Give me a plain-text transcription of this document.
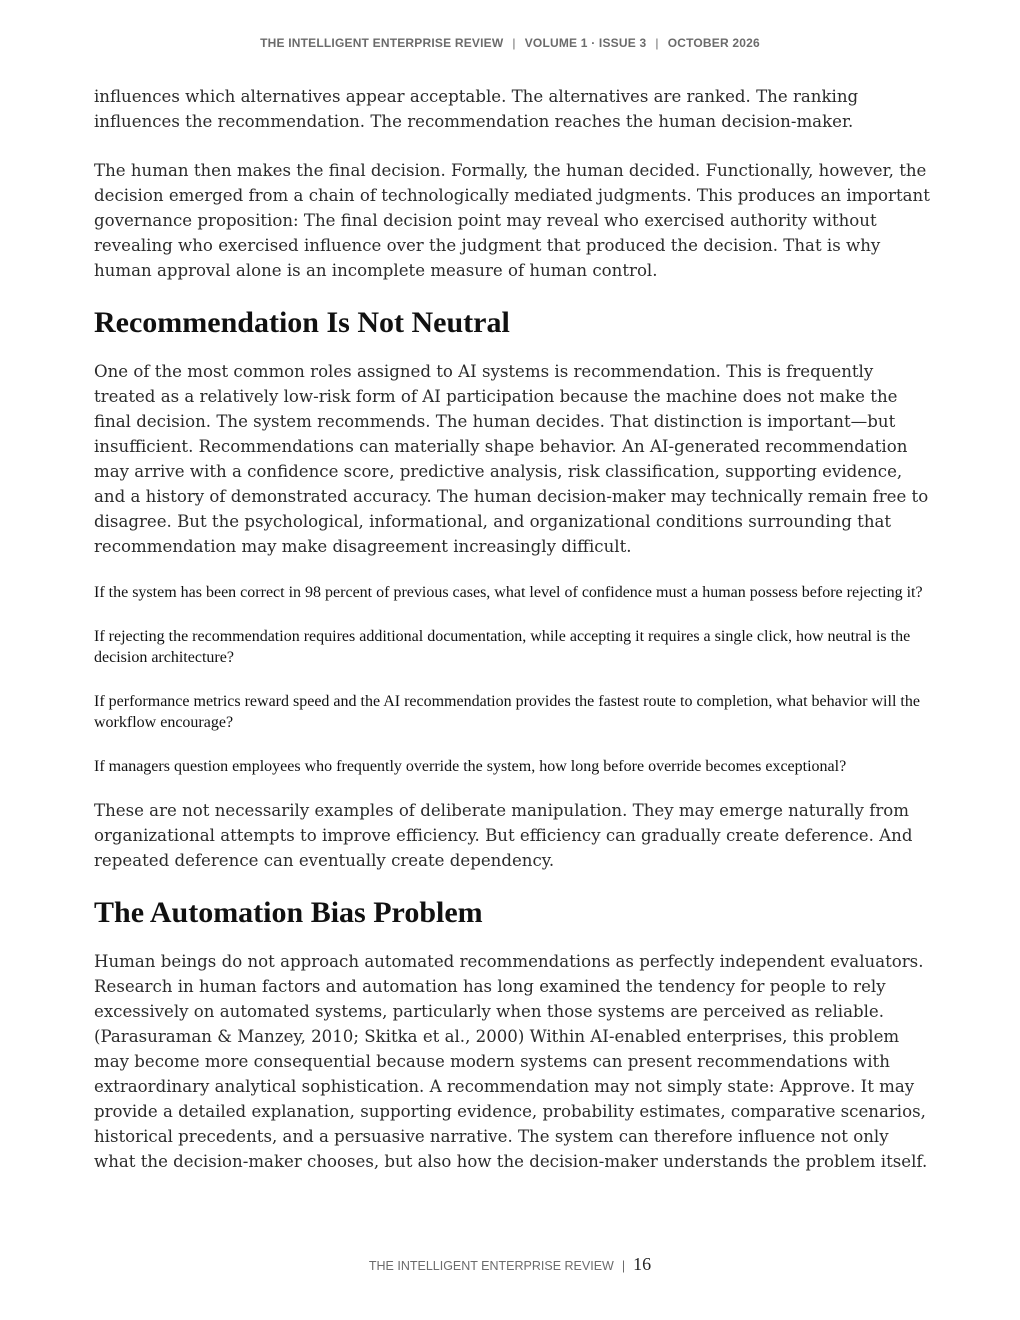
THE INTELLIGENT ENTERPRISE REVIEW | VOLUME 1 · ISSUE 3 | OCTOBER 2026

influences which alternatives appear acceptable. The alternatives are ranked. The ranking influences the recommendation. The recommendation reaches the human decision-maker.

The human then makes the final decision. Formally, the human decided. Functionally, however, the decision emerged from a chain of technologically mediated judgments. This produces an important governance proposition: The final decision point may reveal who exercised authority without revealing who exercised influence over the judgment that produced the decision. That is why human approval alone is an incomplete measure of human control.

Recommendation Is Not Neutral

One of the most common roles assigned to AI systems is recommendation. This is frequently treated as a relatively low-risk form of AI participation because the machine does not make the final decision. The system recommends. The human decides. That distinction is important—but insufficient. Recommendations can materially shape behavior. An AI-generated recommendation may arrive with a confidence score, predictive analysis, risk classification, supporting evidence, and a history of demonstrated accuracy. The human decision-maker may technically remain free to disagree. But the psychological, informational, and organizational conditions surrounding that recommendation may make disagreement increasingly difficult.

If the system has been correct in 98 percent of previous cases, what level of confidence must a human possess before rejecting it?

If rejecting the recommendation requires additional documentation, while accepting it requires a single click, how neutral is the decision architecture?

If performance metrics reward speed and the AI recommendation provides the fastest route to completion, what behavior will the workflow encourage?

If managers question employees who frequently override the system, how long before override becomes exceptional?

These are not necessarily examples of deliberate manipulation. They may emerge naturally from organizational attempts to improve efficiency. But efficiency can gradually create deference. And repeated deference can eventually create dependency.

The Automation Bias Problem

Human beings do not approach automated recommendations as perfectly independent evaluators. Research in human factors and automation has long examined the tendency for people to rely excessively on automated systems, particularly when those systems are perceived as reliable. (Parasuraman & Manzey, 2010; Skitka et al., 2000) Within AI-enabled enterprises, this problem may become more consequential because modern systems can present recommendations with extraordinary analytical sophistication. A recommendation may not simply state: Approve. It may provide a detailed explanation, supporting evidence, probability estimates, comparative scenarios, historical precedents, and a persuasive narrative. The system can therefore influence not only what the decision-maker chooses, but also how the decision-maker understands the problem itself.

THE INTELLIGENT ENTERPRISE REVIEW | 16
